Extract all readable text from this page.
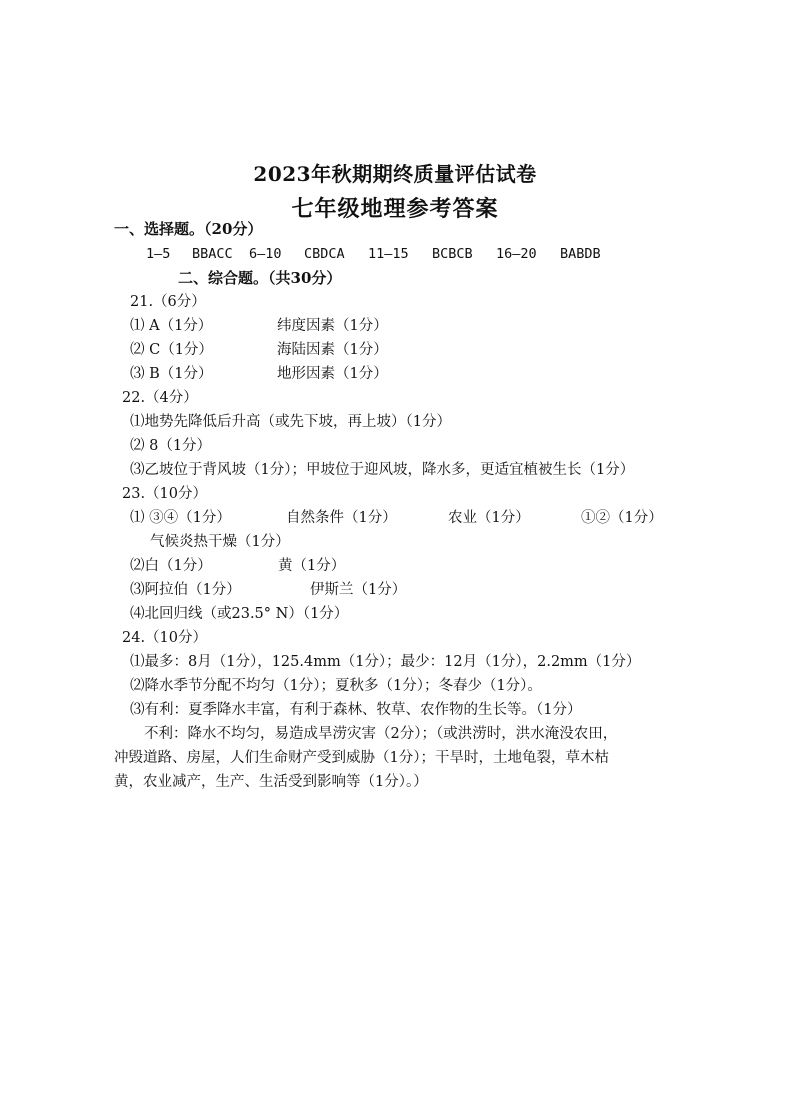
2023年秋期期终质量评估试卷
七年级地理参考答案
一、选择题。（20分）
1—5 BBACC 6—10 CBDCA 11—15 BCBCB 16—20 BABDB
二、综合题。（共30分）
21.（6分）
⑴ A（1分）	纬度因素（1分）
⑵ C（1分）	海陆因素（1分）
⑶ B（1分）	地形因素（1分）
22.（4分）
⑴地势先降低后升高（或先下坡，再上坡）（1分）
⑵ 8（1分）
⑶乙坡位于背风坡（1分）；甲坡位于迎风坡，降水多，更适宜植被生长（1分）
23.（10分）
⑴ ③④（1分）	自然条件（1分）	农业（1分）	①②（1分）
气候炎热干燥（1分）
⑵白（1分）	黄（1分）
⑶阿拉伯（1分）	伊斯兰（1分）
⑷北回归线（或23.5° N）（1分）
24.（10分）
⑴最多：8月（1分），125.4mm（1分）；最少：12月（1分），2.2mm（1分）
⑵降水季节分配不均匀（1分）；夏秋多（1分）；冬春少（1分）。
⑶有利：夏季降水丰富，有利于森林、牧草、农作物的生长等。（1分）
不利：降水不均匀，易造成旱涝灾害（2分）；（或洪涝时，洪水淹没农田，
冲毁道路、房屋，人们生命财产受到威胁（1分）；干旱时，土地龟裂，草木枯
黄，农业减产，生产、生活受到影响等（1分）。）
